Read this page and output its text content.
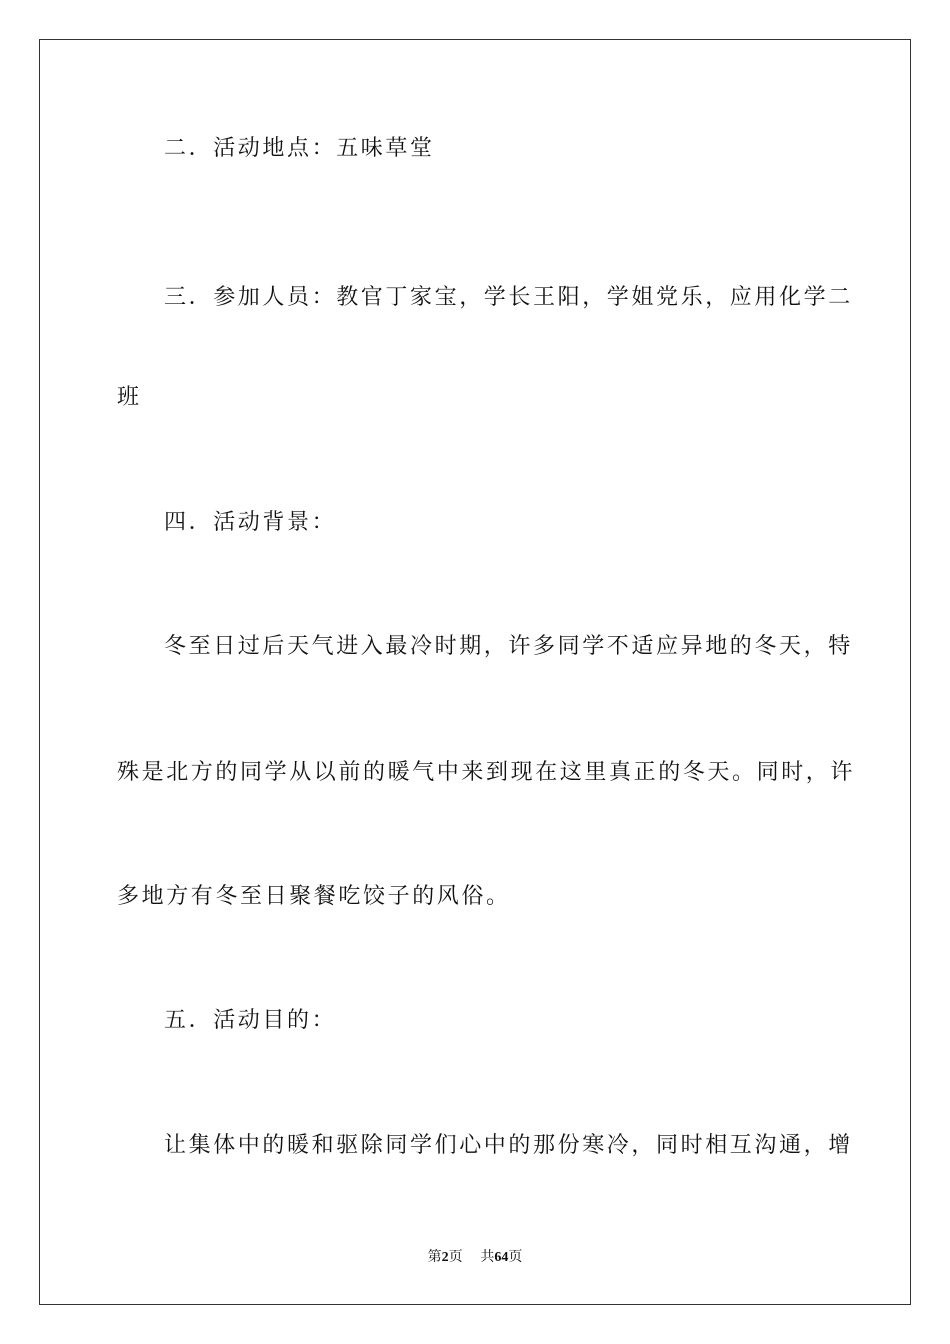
二．活动地点：五味草堂
三．参加人员：教官丁家宝，学长王阳，学姐党乐，应用化学二
班
四．活动背景：
冬至日过后天气进入最冷时期，许多同学不适应异地的冬天，特
殊是北方的同学从以前的暖气中来到现在这里真正的冬天。同时，许
多地方有冬至日聚餐吃饺子的风俗。
五．活动目的：
让集体中的暖和驱除同学们心中的那份寒冷，同时相互沟通，增
第2页 共64页
